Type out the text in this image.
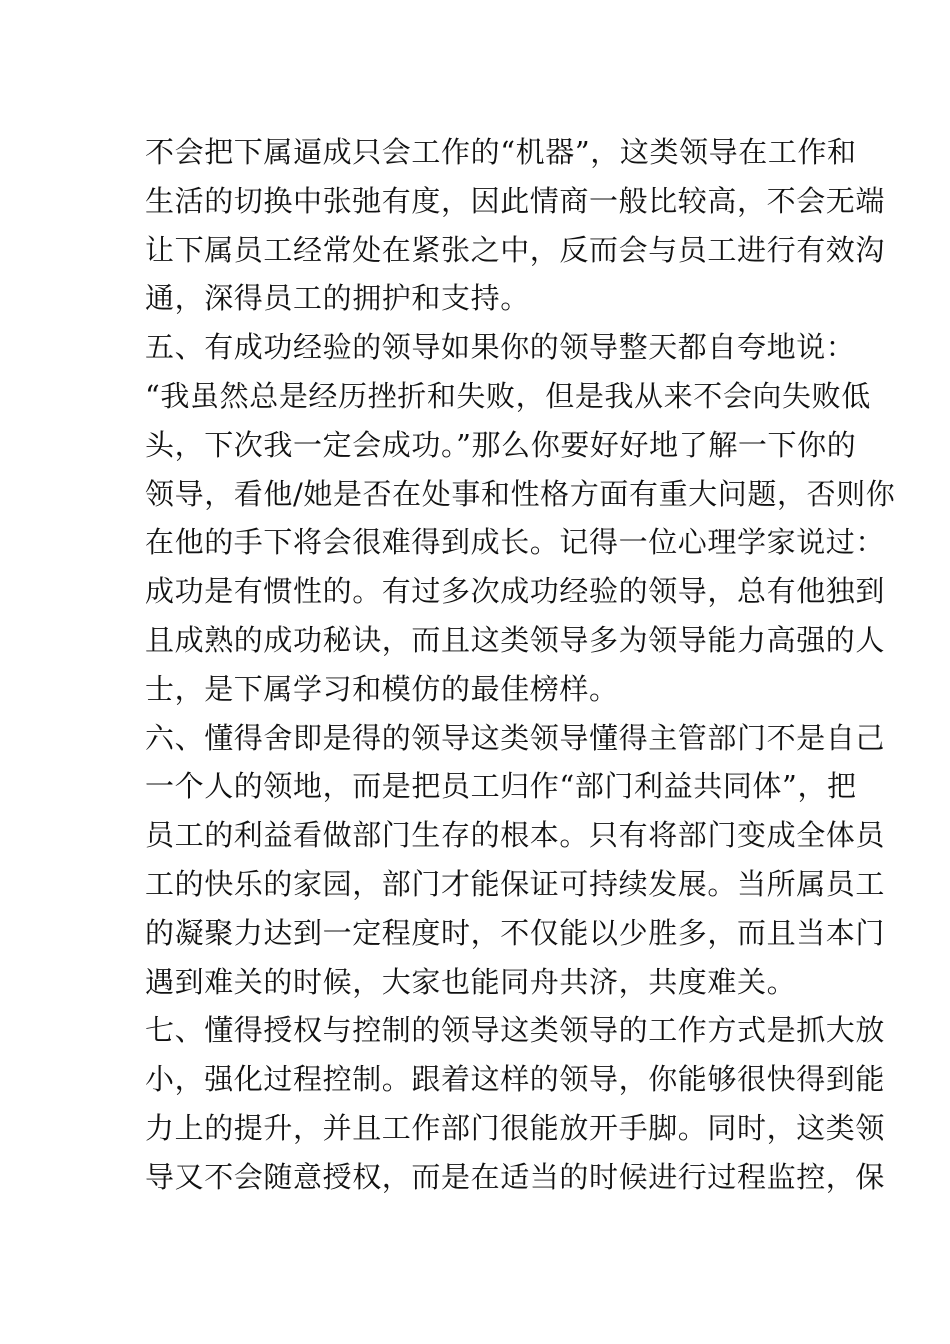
不会把下属逼成只会工作的“机器”，这类领导在工作和
生活的切换中张弛有度，因此情商一般比较高，不会无端
让下属员工经常处在紧张之中，反而会与员工进行有效沟
通，深得员工的拥护和支持。
五、有成功经验的领导如果你的领导整天都自夸地说：
“我虽然总是经历挫折和失败，但是我从来不会向失败低
头，下次我一定会成功。”那么你要好好地了解一下你的
领导，看他/她是否在处事和性格方面有重大问题，否则你
在他的手下将会很难得到成长。记得一位心理学家说过：
成功是有惯性的。有过多次成功经验的领导，总有他独到
且成熟的成功秘诀，而且这类领导多为领导能力高强的人
士，是下属学习和模仿的最佳榜样。
六、懂得舍即是得的领导这类领导懂得主管部门不是自己
一个人的领地，而是把员工归作“部门利益共同体”，把
员工的利益看做部门生存的根本。只有将部门变成全体员
工的快乐的家园，部门才能保证可持续发展。当所属员工
的凝聚力达到一定程度时，不仅能以少胜多，而且当本门
遇到难关的时候，大家也能同舟共济，共度难关。
七、懂得授权与控制的领导这类领导的工作方式是抓大放
小，强化过程控制。跟着这样的领导，你能够很快得到能
力上的提升，并且工作部门很能放开手脚。同时，这类领
导又不会随意授权，而是在适当的时候进行过程监控，保
